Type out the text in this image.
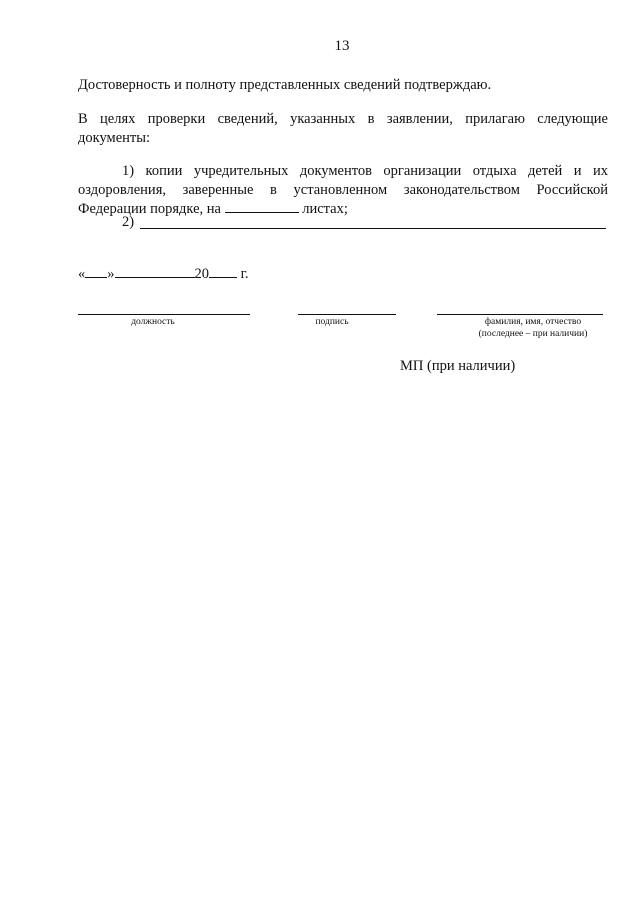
13
Достоверность и полноту представленных сведений подтверждаю.
В целях проверки сведений, указанных в заявлении, прилагаю следующие документы:
1) копии учредительных документов организации отдыха детей и их оздоровления, заверенные в установленном законодательством Российской Федерации порядке, на	листах;
2)
« »	20 г.
должность	подпись	фамилия, имя, отчество
(последнее – при наличии)
МП (при наличии)
